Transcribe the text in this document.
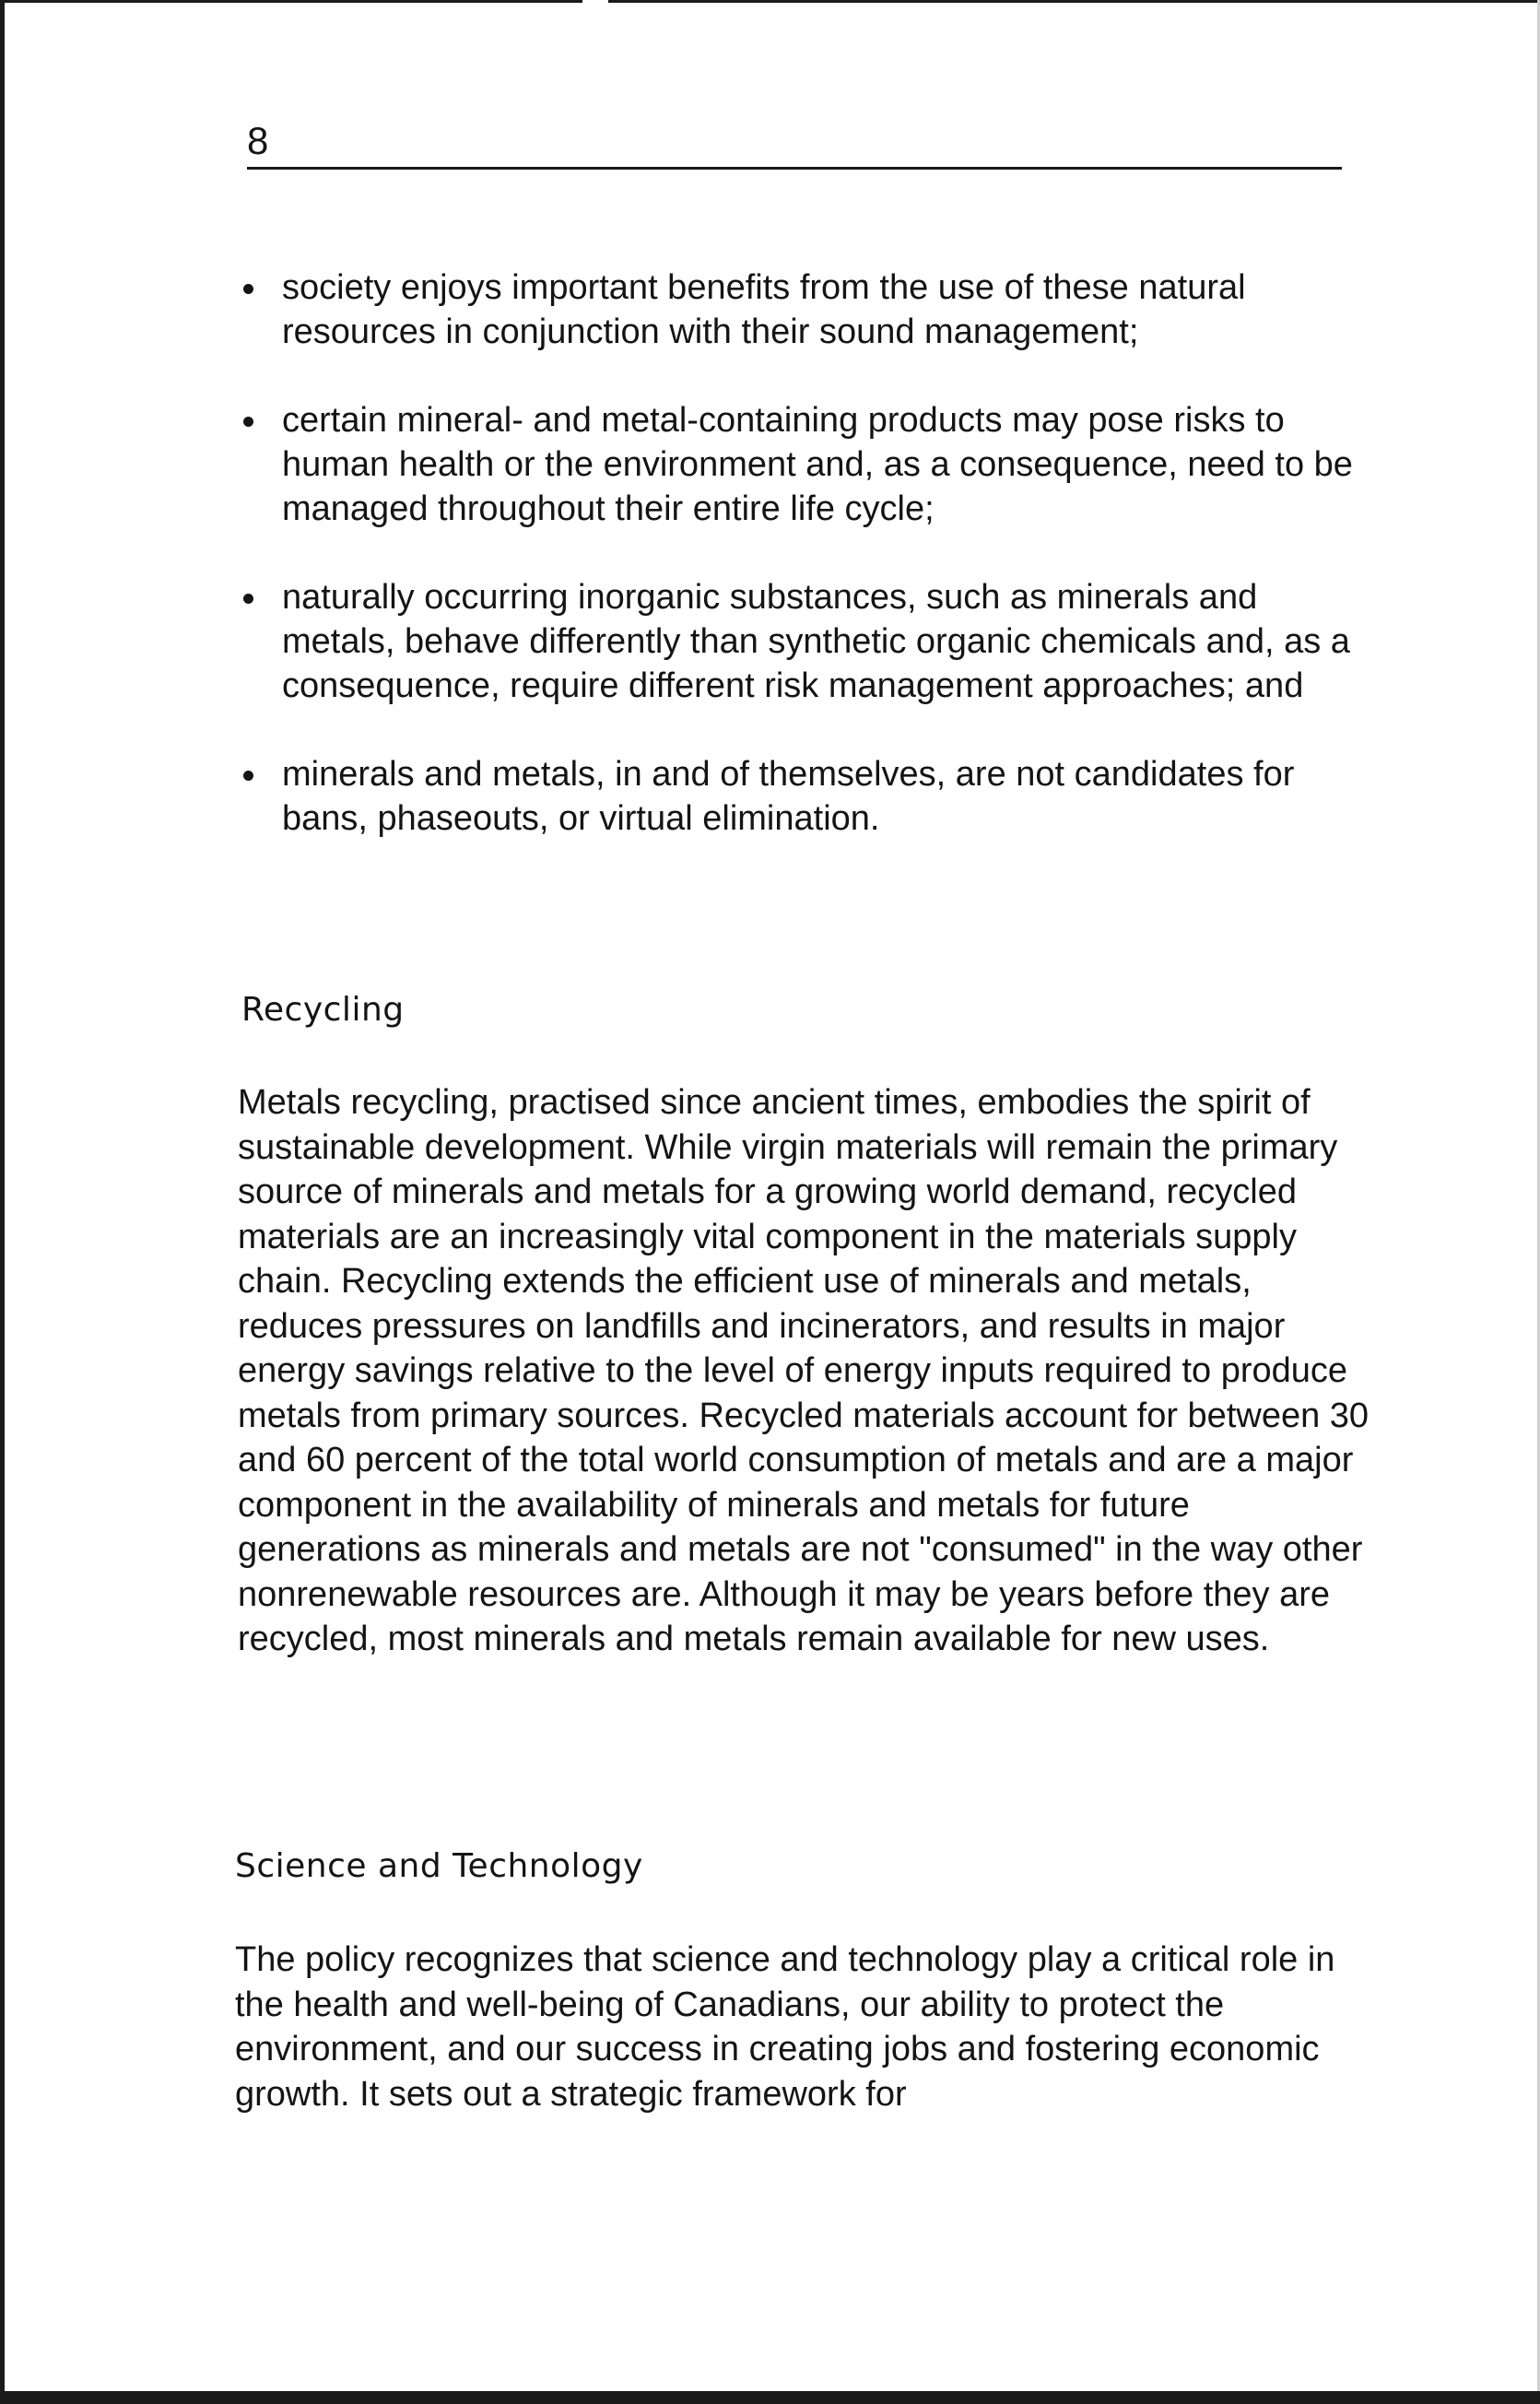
8
society enjoys important benefits from the use of these natural resources in conjunction with their sound management;
certain mineral- and metal-containing products may pose risks to human health or the environment and, as a consequence, need to be managed throughout their entire life cycle;
naturally occurring inorganic substances, such as minerals and metals, behave differently than synthetic organic chemicals and, as a consequence, require different risk management approaches; and
minerals and metals, in and of themselves, are not candidates for bans, phaseouts, or virtual elimination.
Recycling

Metals recycling, practised since ancient times, embodies the spirit of sustainable development. While virgin materials will remain the primary source of minerals and metals for a growing world demand, recycled materials are an increasingly vital component in the materials supply chain. Recycling extends the efficient use of minerals and metals, reduces pressures on landfills and incinerators, and results in major energy savings relative to the level of energy inputs required to produce metals from primary sources. Recycled materials account for between 30 and 60 percent of the total world consumption of metals and are a major component in the availability of minerals and metals for future generations as minerals and metals are not "consumed" in the way other nonrenewable resources are. Although it may be years before they are recycled, most minerals and metals remain available for new uses.

Science and Technology

The policy recognizes that science and technology play a critical role in the health and well-being of Canadians, our ability to protect the environment, and our success in creating jobs and fostering economic growth. It sets out a strategic framework for
